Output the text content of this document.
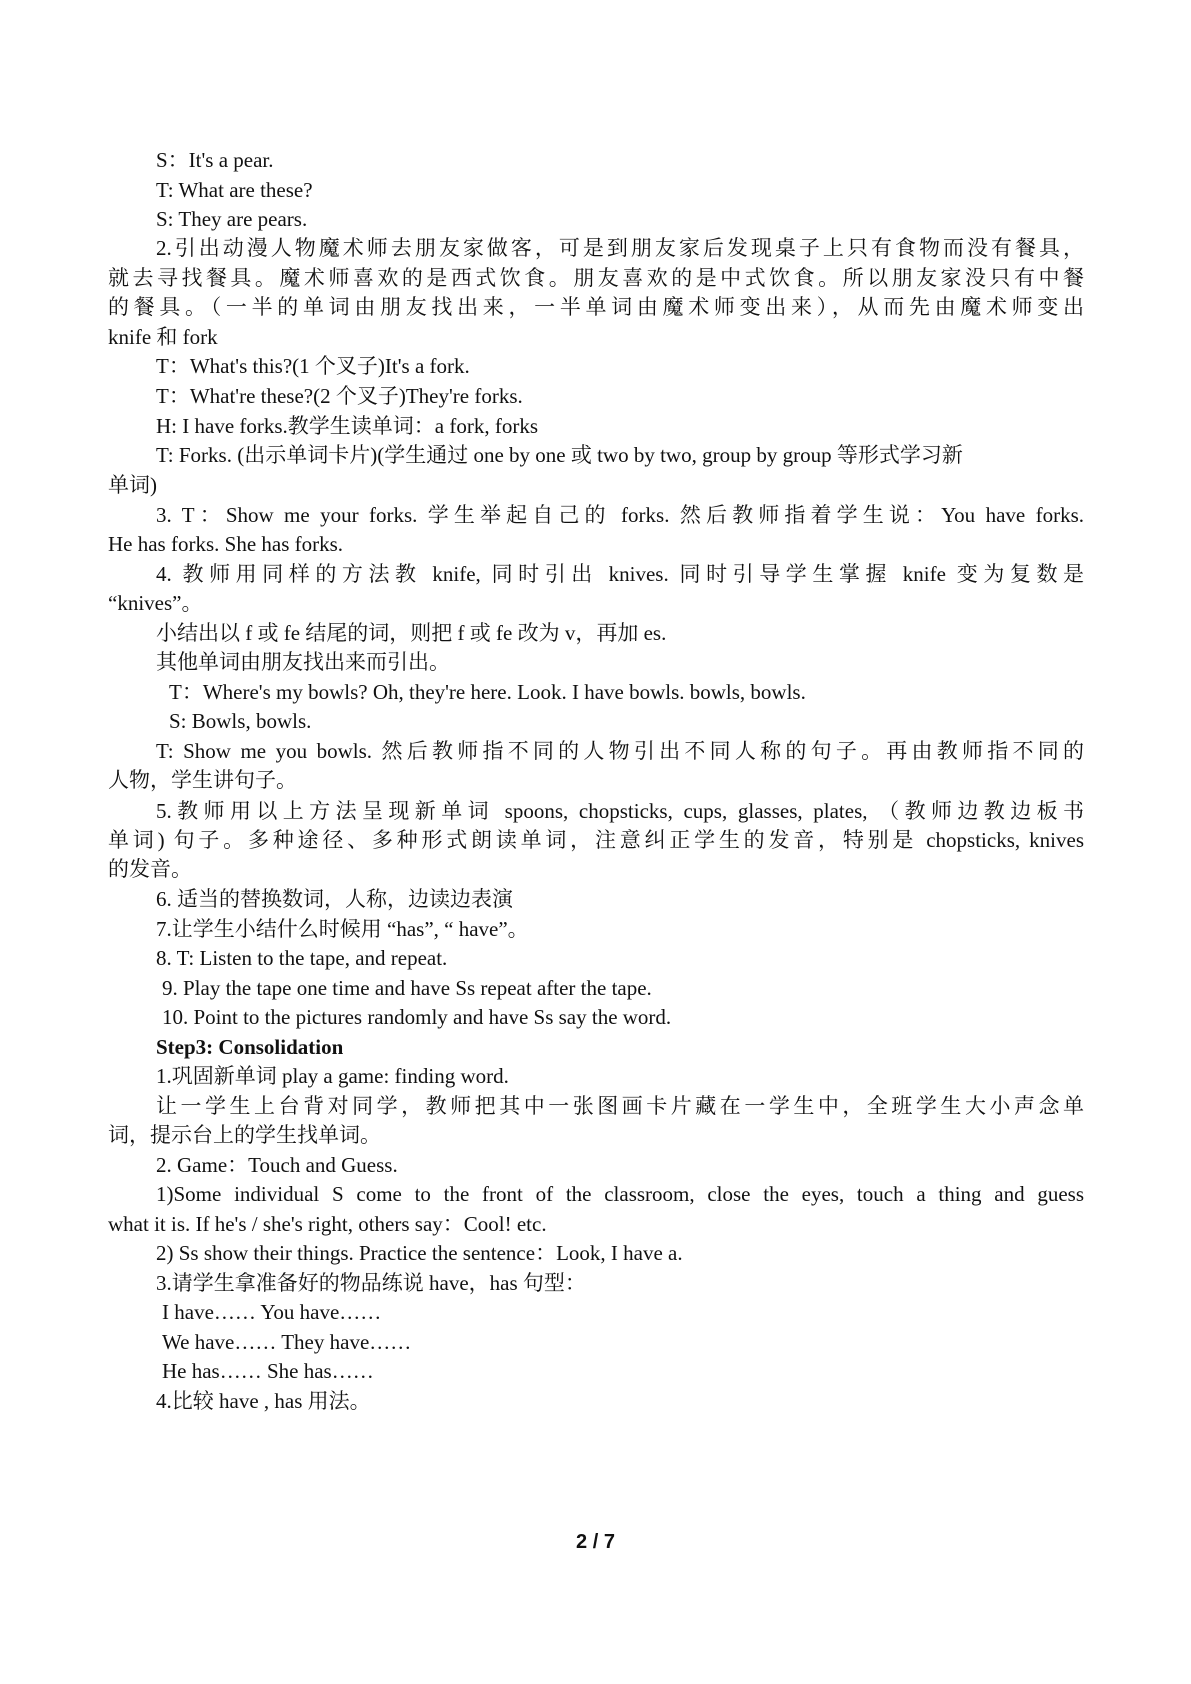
S：It's a pear.
T: What are these?
S: They are pears.
2.引出动漫人物魔术师去朋友家做客，可是到朋友家后发现桌子上只有食物而没有餐具，
就去寻找餐具。魔术师喜欢的是西式饮食。朋友喜欢的是中式饮食。所以朋友家没只有中餐
的餐具。（一半的单词由朋友找出来，一半单词由魔术师变出来），从而先由魔术师变出
knife 和 fork
T：What's this?(1 个叉子)It's a fork.
T：What're these?(2 个叉子)They're forks.
H: I have forks.教学生读单词：a fork, forks
T: Forks. (出示单词卡片)(学生通过 one by one 或 two by two, group by group 等形式学习新
单词)
3. T：Show me your forks. 学生举起自己的 forks. 然后教师指着学生说：You have forks.
He has forks. She has forks.
4. 教师用同样的方法教 knife, 同时引出 knives. 同时引导学生掌握 knife 变为复数是
“knives”。
小结出以 f 或 fe 结尾的词，则把 f 或 fe 改为 v，再加 es.
其他单词由朋友找出来而引出。
T：Where's my bowls? Oh, they're here. Look. I have bowls. bowls, bowls.
S: Bowls, bowls.
T: Show me you bowls. 然后教师指不同的人物引出不同人称的句子。再由教师指不同的
人物，学生讲句子。
5.教师用以上方法呈现新单词 spoons, chopsticks, cups, glasses, plates, （教师边教边板书
单词) 句子。多种途径、多种形式朗读单词，注意纠正学生的发音，特别是 chopsticks, knives
的发音。
6. 适当的替换数词，人称，边读边表演
7.让学生小结什么时候用 “has”, “ have”。
8. T: Listen to the tape, and repeat.
9. Play the tape one time and have Ss repeat after the tape.
10. Point to the pictures randomly and have Ss say the word.
Step3: Consolidation
1.巩固新单词 play a game: finding word.
让一学生上台背对同学，教师把其中一张图画卡片藏在一学生中，全班学生大小声念单
词，提示台上的学生找单词。
2. Game：Touch and Guess.
1)Some individual S come to the front of the classroom, close the eyes, touch a thing and guess
what it is. If he's / she's right, others say：Cool! etc.
2) Ss show their things. Practice the sentence：Look, I have a.
3.请学生拿准备好的物品练说 have，has 句型：
I have…… You have……
We have…… They have……
He has…… She has……
4.比较 have , has 用法。
2 / 7
